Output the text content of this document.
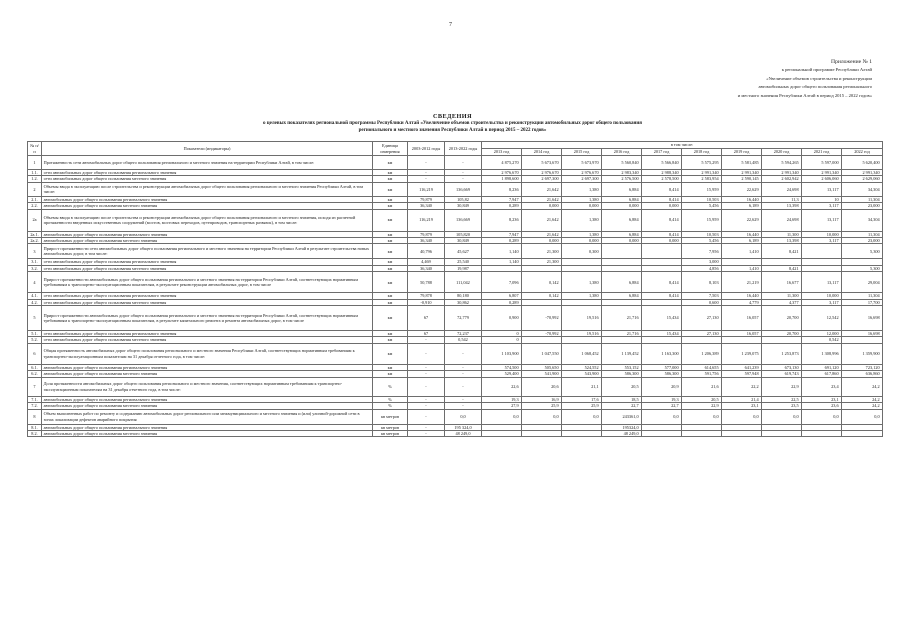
7
Приложение № 1
к региональной программе Республики Алтай
«Увеличение объемов строительства и реконструкции
автомобильных дорог общего пользования регионального
и местного значения Республики Алтай в период 2015 – 2022 годов»
СВЕДЕНИЯ
о целевых показателях региональной программы Республики Алтай «Увеличение объемов строительства и реконструкции автомобильных дорог общего пользования
регионального и местного значения Республики Алтай в период 2015 – 2022 годов»
№ п/п	Показатели (индикаторы)	Единица измерения	2003-2012 годы	2013-2022 годы	в том числе:									
					2013 год	2014 год	2015 год	2016 год	2017 год	2018 год	2019 год	2020 год	2021 год	2022 год
1	Протяженность сети автомобильных дорог общего пользования регионального и местного значения на территории Республики Алтай, в том числе:	км	-	-	4 875,270	5 673,670	5 673,970	5 560,840	5 566,840	5 575,295	5 581,485	5 594,265	5 597,000	5 620,400
1.1.	сети автомобильных дорог общего пользования регионального значения	км	-	-	2 976,670	2 976,670	2 976,670	2 983,340	2 988,340	2 991,340	2 991,340	2 991,340	2 991,340	2 991,340
1.2.	сети автомобильных дорог общего пользования местного значения	км	-	-	1 898,600	2 697,300	2 697,300	2 576,500	2 578,500	2 583,954	2 590,145	2 602,942	2 606,060	2 629,060
2	Объемы ввода в эксплуатацию после строительства и реконструкции автомобильных дорог общего пользования регионального и местного значения Республики Алтай, в том числе:	км	116,219	136,669	8,236	21,642	1,380	6,884	8,414	15,959	22,629	24,698	13,117	34,304
2.1.	автомобильных дорог общего пользования регионального значения	км	79,879	105,82	7,947	21,642	1,380	6,884	8,414	10,503	16,440	11,3	10	11,304
2.2.	автомобильных дорог общего пользования местного значения	км	36,340	30,849	0,289	0,000	0,000	0,000	0,000	5,456	6,189	13,398	3,117	23,000
2а	Объемы ввода в эксплуатацию после строительства и реконструкции автомобильных дорог общего пользования регионального и местного значения, исходя из расчетной протяженности введенных искусственных сооружений (мостов, мостовых переходов, путепроводов, транспортных развязок), в том числе:	км	116,219	136,669	8,236	21,642	1,380	6,884	8,414	15,959	22,629	24,698	13,117	34,304
2а.1.	автомобильных дорог общего пользования регионального значения	км	79,879	105,820	7,947	21,642	1,380	6,884	8,414	10,503	16,440	11,300	10,000	11,304
2а.2.	автомобильных дорог общего пользования местного значения	км	36,340	30,849	0,289	0,000	0,000	0,000	0,000	5,456	6,189	13,398	3,117	23,000
3	Прирост протяженности сети автомобильных дорог общего пользования регионального и местного значения на территории Республики Алтай в результате строительства новых автомобильных дорог, в том числе:	км	40,796	45,627	1,140	21,300	0,300			7,956	1,410	8,421		5,300
3.1.	сети автомобильных дорог общего пользования регионального значения	км	4,469	25,540	1,140	21,300				3,000				
3.2.	сети автомобильных дорог общего пользования местного значения	км	36,340	19,987						4,856	1,410	8,421		5,300
4	Прирост протяженности автомобильных дорог общего пользования регионального и местного значения на территории Республики Алтай, соответствующих нормативным требованиям к транспортно-эксплуатационным показателям, в результате реконструкции автомобильных дорог, в том числе	км	50,788	111,042	7,096	0,142	1,380	6,884	8,414	8,103	21,219	16,677	13,117	29,004
4.1.	сети автомобильных дорог общего пользования регионального значения	км	79,878	80,180	6,807	0,142	1,380	6,884	8,414	7,503	16,440	11,300	10,000	11,304
4.2.	сети автомобильных дорог общего пользования местного значения	км	-0,910	30,862	0,289					0,600	4,779	4,377	3,117	17,700
5	Прирост протяженности автомобильных дорог общего пользования регионального и местного значения на территории Республики Алтай, соответствующих нормативным требованиям к транспортно-эксплуатационным показателям, в результате капитального ремонта и ремонта автомобильных дорог, в том числе	км	67	72,779	0,900	-70,992	19,516	21,716	15,434	27,130	16,057	20,700	12,542	16,698
5.1.	сети автомобильных дорог общего пользования регионального значения	км	67	72,237	0	-70,992	19,516	21,716	15,434	27,130	16,057	20,700	12,000	16,698
5.2.	сети автомобильных дорог общего пользования местного значения	км	-	0,542	0								0,542	
6	Общая протяженность автомобильных дорог общего пользования регионального и местного значения Республики Алтай, соответствующих нормативным требованиям к транспортно-эксплуатационным показателям на 31 декабря отчетного года, в том числе:	км	-	-	1 103,900	1 047,550	1 068,452	1 139,452	1 163,300	1 206,389	1 239,075	1 253,873	1 308,996	1 359,900
6.1.	автомобильных дорог общего пользования регионального значения	км	-	-	574,500	505,650	524,552	553,152	577,000	614,655	641,239	673,130	691,120	723,120
6.2.	автомобильных дорог общего пользования местного значения	км	-	-	529,400	541,900	543,900	586,300	586,300	591,756	597,948	619,743	617,860	636,860
7	Доля протяженности автомобильных дорог общего пользования регионального и местного значения, соответствующих нормативным требованиям к транспортно-эксплуатационным показателям на 31 декабря отчетного года, в том числе:	%	-	-	22,6	20,6	21,1	20,5	20,9	21,6	22,2	22,9	23,4	24,2
7.1.	автомобильных дорог общего пользования регионального значения	%	-	-	19,3	16,9	17,6	18,5	19,3	20,5	21,4	22,5	23,1	24,2
7.2.	автомобильных дорог общего пользования местного значения	%	-	-	27,9	25,9	25,9	22,7	22,7	22,9	23,1	23,5	23,6	24,2
8	Объем выполненных работ по ремонту и содержанию автомобильных дорог регионального или межмуниципального и местного значения и (или) уличной-дорожной сети в зонах локализации дефектов аварийного покрытия	кв метров	-	0,0	0,0	0,0	0,0	243361,0	0,0	0,0	0,0	0,0	0,0	0,0
8.1.	автомобильных дорог общего пользования регионального значения	кв метров	-	195 324,0				195324,0						
8.2.	автомобильных дорог общего пользования местного значения	кв метров	-	48 249,0				48 249,0						
